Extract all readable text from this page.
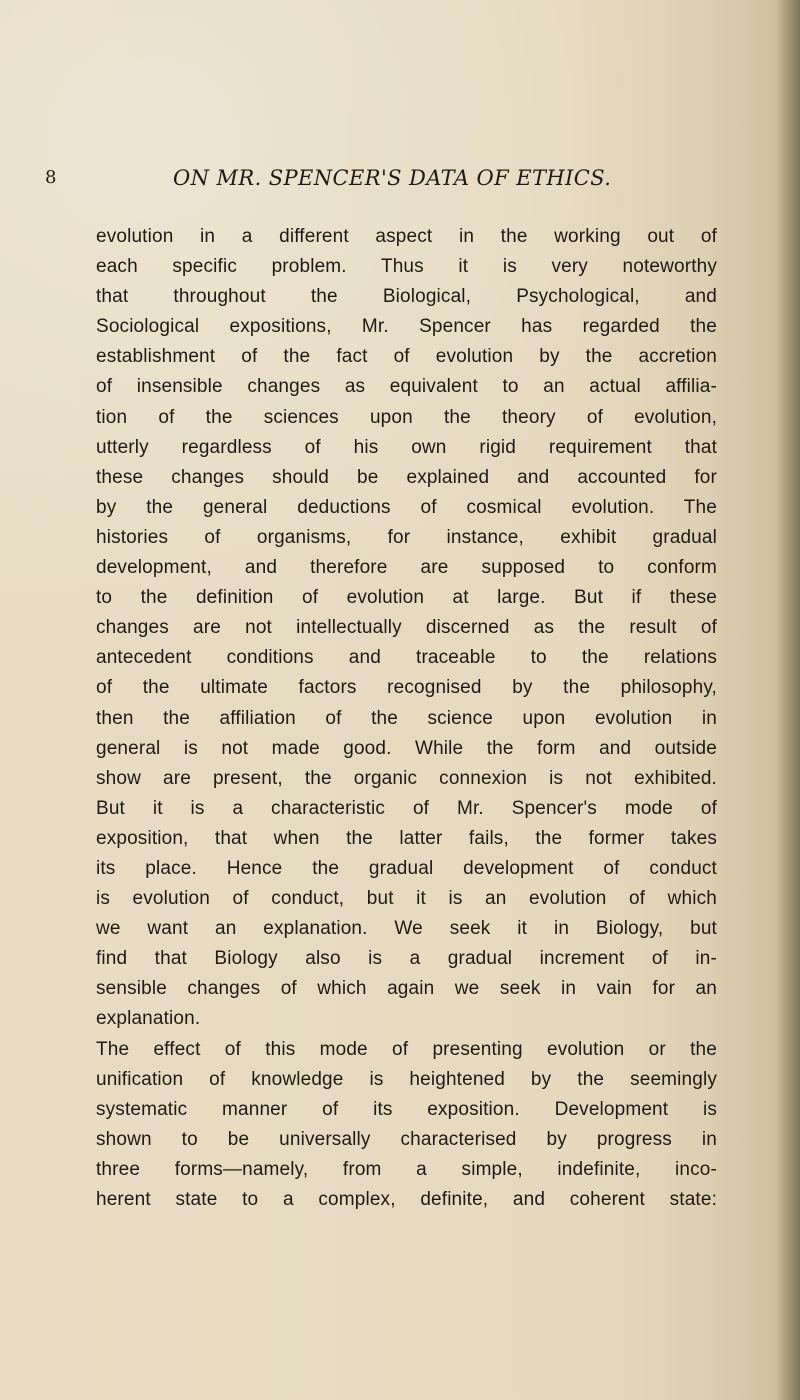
8	ON MR. SPENCER'S DATA OF ETHICS.
evolution in a different aspect in the working out of
each specific problem. Thus it is very noteworthy
that throughout the Biological, Psychological, and
Sociological expositions, Mr. Spencer has regarded the
establishment of the fact of evolution by the accretion
of insensible changes as equivalent to an actual affilia-
tion of the sciences upon the theory of evolution,
utterly regardless of his own rigid requirement that
these changes should be explained and accounted for
by the general deductions of cosmical evolution. The
histories of organisms, for instance, exhibit gradual
development, and therefore are supposed to conform
to the definition of evolution at large. But if these
changes are not intellectually discerned as the result of
antecedent conditions and traceable to the relations
of the ultimate factors recognised by the philosophy,
then the affiliation of the science upon evolution in
general is not made good. While the form and outside
show are present, the organic connexion is not exhibited.
But it is a characteristic of Mr. Spencer's mode of
exposition, that when the latter fails, the former takes
its place. Hence the gradual development of conduct
is evolution of conduct, but it is an evolution of which
we want an explanation. We seek it in Biology, but
find that Biology also is a gradual increment of in-
sensible changes of which again we seek in vain for an
explanation.
The effect of this mode of presenting evolution or the
unification of knowledge is heightened by the seemingly
systematic manner of its exposition. Development is
shown to be universally characterised by progress in
three forms—namely, from a simple, indefinite, inco-
herent state to a complex, definite, and coherent state:
